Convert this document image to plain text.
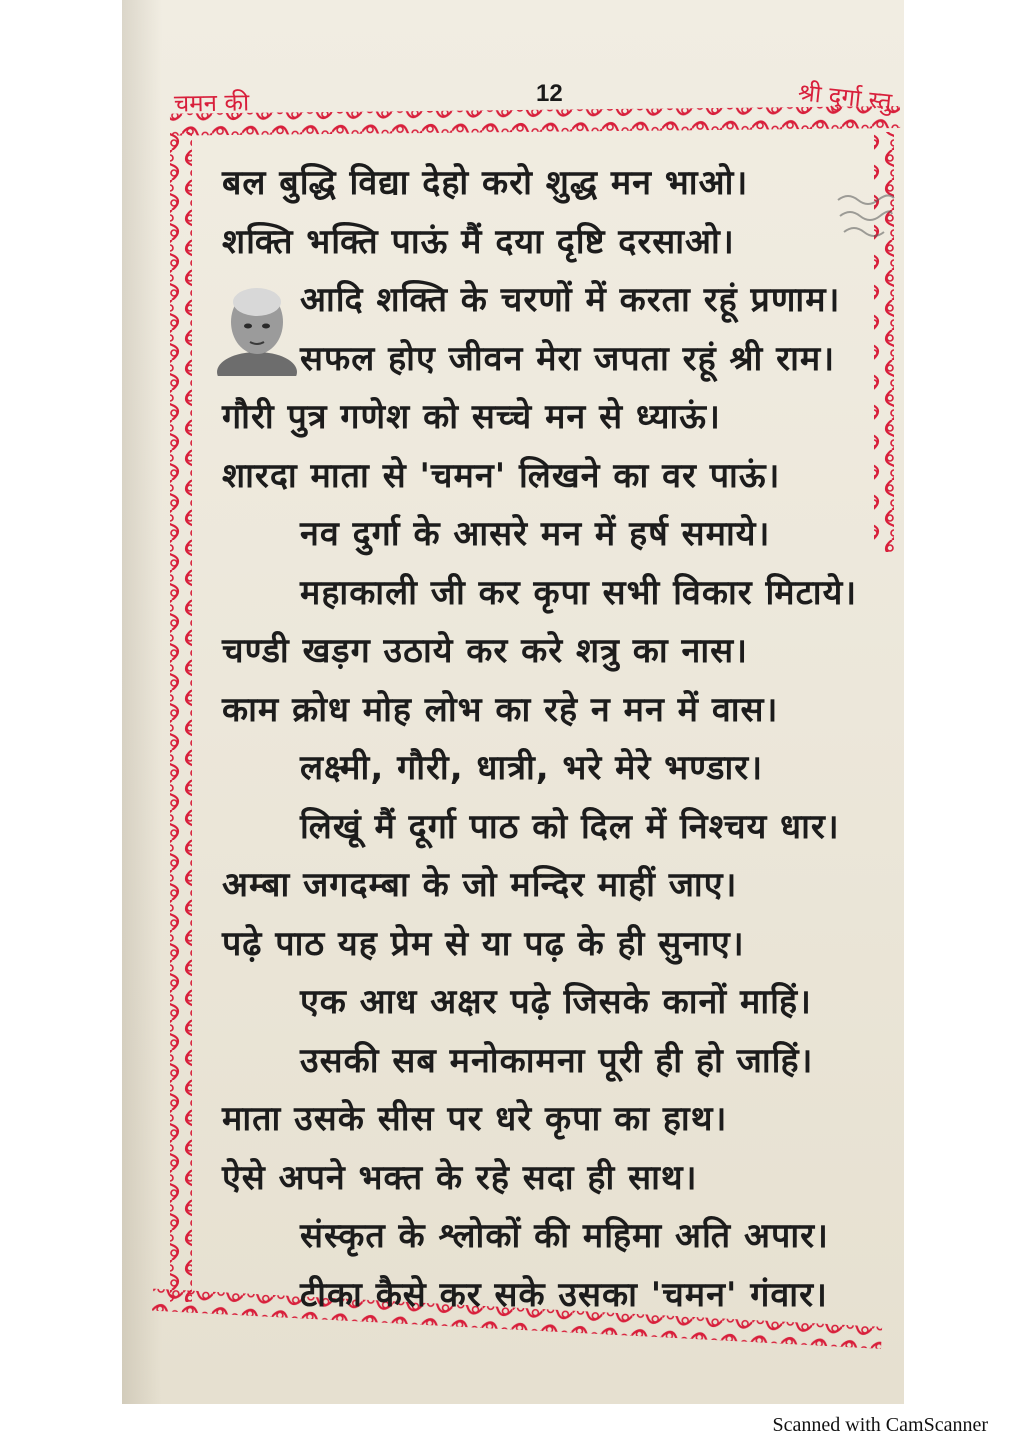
चमन की	12	श्री दुर्गा स्तु
बल बुद्धि विद्या देहो करो शुद्ध मन भाओ।
शक्ति भक्ति पाऊं मैं दया दृष्टि दरसाओ।
आदि शक्ति के चरणों में करता रहूं प्रणाम।
सफल होए जीवन मेरा जपता रहूं श्री राम।
गौरी पुत्र गणेश को सच्चे मन से ध्याऊं।
शारदा माता से 'चमन' लिखने का वर पाऊं।
नव दुर्गा के आसरे मन में हर्ष समाये।
महाकाली जी कर कृपा सभी विकार मिटाये।
चण्डी खड़ग उठाये कर करे शत्रु का नास।
काम क्रोध मोह लोभ का रहे न मन में वास।
लक्ष्मी, गौरी, धात्री, भरे मेरे भण्डार।
लिखूं मैं दूर्गा पाठ को दिल में निश्चय धार।
अम्बा जगदम्बा के जो मन्दिर माहीं जाए।
पढ़े पाठ यह प्रेम से या पढ़ के ही सुनाए।
एक आध अक्षर पढ़े जिसके कानों माहिं।
उसकी सब मनोकामना पूरी ही हो जाहिं।
माता उसके सीस पर धरे कृपा का हाथ।
ऐसे अपने भक्त के रहे सदा ही साथ।
संस्कृत के श्लोकों की महिमा अति अपार।
टीका कैसे कर सके उसका 'चमन' गंवार।
Scanned with CamScanner
